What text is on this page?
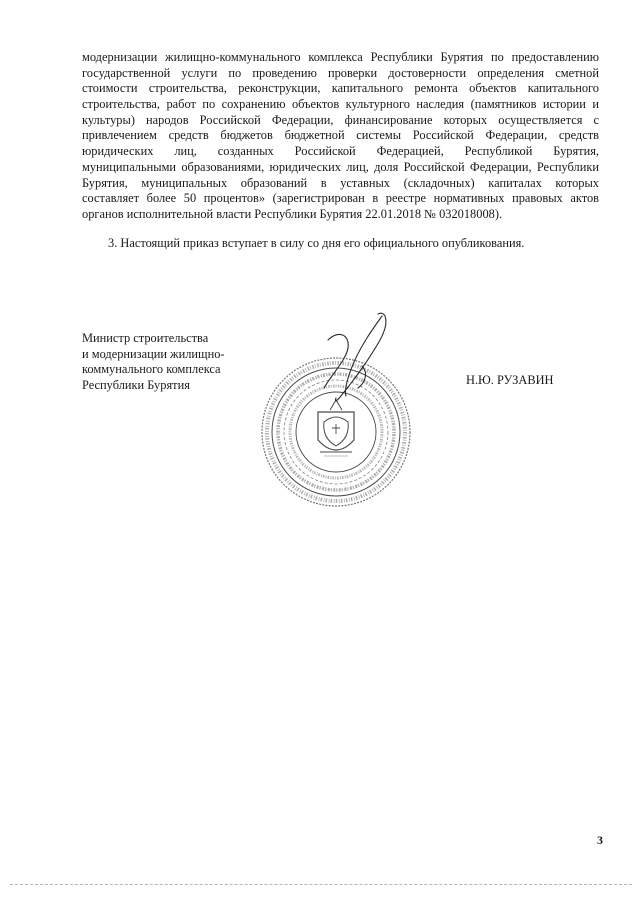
модернизации жилищно-коммунального комплекса Республики Бурятия по предоставлению
государственной услуги по проведению проверки достоверности определения сметной
стоимости строительства, реконструкции, капитального ремонта объектов капитального
строительства, работ по сохранению объектов культурного наследия (памятников истории и
культуры) народов Российской Федерации, финансирование которых осуществляется с
привлечением средств бюджетов бюджетной системы Российской Федерации, средств
юридических лиц, созданных Российской Федерацией, Республикой Бурятия,
муниципальными образованиями, юридических лиц, доля Российской Федерации, Республики
Бурятия, муниципальных образований в уставных (складочных) капиталах которых
составляет более 50 процентов» (зарегистрирован в реестре нормативных правовых актов
органов исполнительной власти Республики Бурятия 22.01.2018 № 032018008).
3. Настоящий приказ вступает в силу со дня его официального опубликования.
Министр строительства
и модернизации жилищно-
коммунального комплекса
Республики Бурятия	Н.Ю. РУЗАВИН
3
